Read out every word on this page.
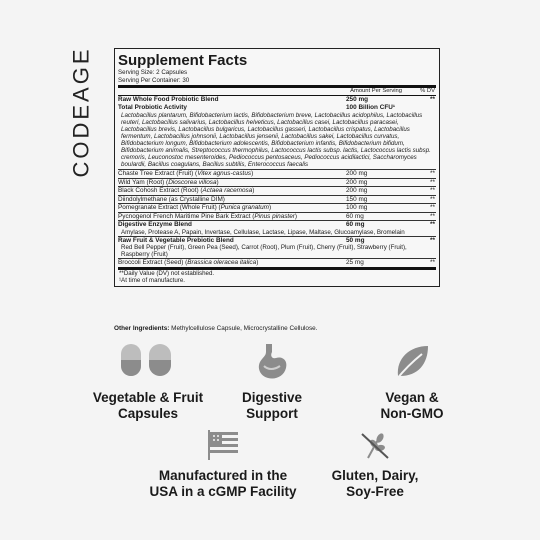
CODEAGE Supplement Facts
Serving Size: 2 Capsules
Serving Per Container: 30
Amount Per Serving	% DV
Raw Whole Food Probiotic Blend	250 mg	**
Total Probiotic Activity	100 Billion CFU¹
Lactobacillus plantarum, Bifidobacterium lactis, Bifidobacterium breve, Lactobacillus acidophilus, Lactobacillus reuteri, Lactobacillus salivarius, Lactobacillus helveticus, Lactobacillus casei, Lactobacillus paracasei, Lactobacillus brevis, Lactobacillus bulgaricus, Lactobacillus gasseri, Lactobacillus crispatus, Lactobacillus fermentum, Lactobacillus johnsonii, Lactobacillus jensenii, Lactobacillus sakei, Lactobacillus curvatus, Bifidobacterium longum, Bifidobacterium adolescentis, Bifidobacterium infantis, Bifidobacterium bifidum, Bifidobacterium animalis, Streptococcus thermophilus, Lactococcus lactis subsp. lactis, Lactococcus lactis subsp. cremoris, Leuconostoc mesenteroides, Pediococcus pentosaceus, Pediococcus acidilactici, Saccharomyces boulardii, Bacillus coagulans, Bacillus subtilis, Enterococcus faecalis
Chaste Tree Extract (Fruit) (Vitex agnus-castus)	200 mg	**
Wild Yam (Root) (Dioscorea villosa)	200 mg	**
Black Cohosh Extract (Root) (Actaea racemosa)	200 mg	**
Diindolylmethane (as Crystalline DIM)	150 mg	**
Pomegranate Extract (Whole Fruit) (Punica granatum)	100 mg	**
Pycnogenol French Maritime Pine Bark Extract (Pinus pinaster)	60 mg	**
Digestive Enzyme Blend	60 mg	**
Amylase, Protease A, Papain, Invertase, Cellulase, Lactase, Lipase, Maltase, Glucoamylase, Bromelain
Raw Fruit & Vegetable Prebiotic Blend	50 mg	**
Red Bell Pepper (Fruit), Green Pea (Seed), Carrot (Root), Plum (Fruit), Cherry (Fruit), Strawberry (Fruit), Raspberry (Fruit)
Broccoli Extract (Seed) (Brassica oleracea italica)	25 mg	**
**Daily Value (DV) not established.
¹At time of manufacture.
Other Ingredients: Methylcellulose Capsule, Microcrystalline Cellulose.
Vegetable & Fruit
Capsules
Digestive
Support
Vegan &
Non-GMO
Manufactured in the
USA in a cGMP Facility
Gluten, Dairy,
Soy-Free
